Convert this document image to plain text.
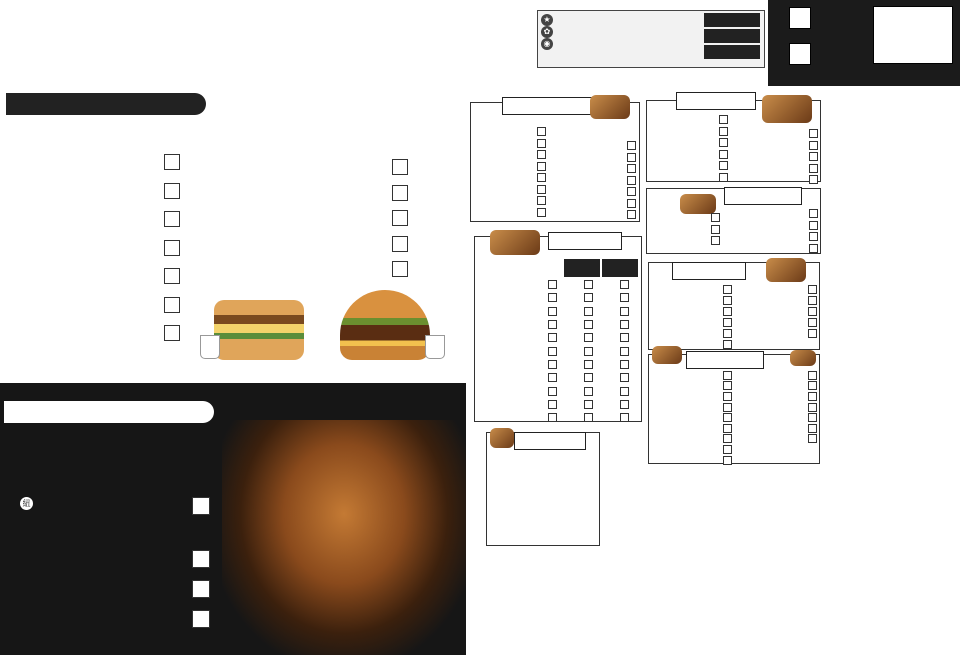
★
✿
◉
紐
